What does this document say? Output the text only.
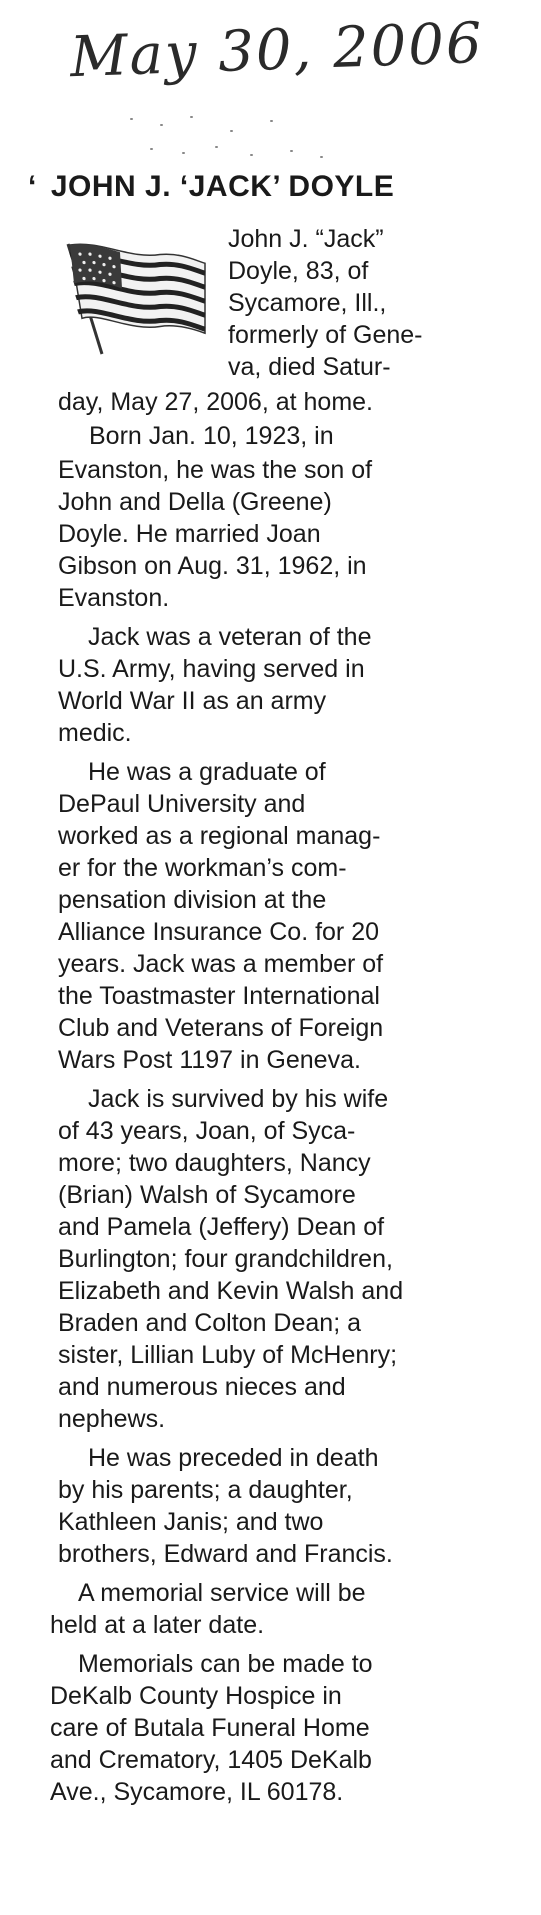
May 30, 2006
‘ JOHN J. ‘JACK’ DOYLE
John J. “Jack”
Doyle, 83, of
Sycamore, Ill.,
formerly of Gene-
va, died Satur-
day, May 27, 2006, at home.
Born Jan. 10, 1923, in
Evanston, he was the son of
John and Della (Greene)
Doyle. He married Joan
Gibson on Aug. 31, 1962, in
Evanston.
Jack was a veteran of the
U.S. Army, having served in
World War II as an army
medic.
He was a graduate of
DePaul University and
worked as a regional manag-
er for the workman’s com-
pensation division at the
Alliance Insurance Co. for 20
years. Jack was a member of
the Toastmaster International
Club and Veterans of Foreign
Wars Post 1197 in Geneva.
Jack is survived by his wife
of 43 years, Joan, of Syca-
more; two daughters, Nancy
(Brian) Walsh of Sycamore
and Pamela (Jeffery) Dean of
Burlington; four grandchildren,
Elizabeth and Kevin Walsh and
Braden and Colton Dean; a
sister, Lillian Luby of McHenry;
and numerous nieces and
nephews.
He was preceded in death
by his parents; a daughter,
Kathleen Janis; and two
brothers, Edward and Francis.
A memorial service will be
held at a later date.
Memorials can be made to
DeKalb County Hospice in
care of Butala Funeral Home
and Crematory, 1405 DeKalb
Ave., Sycamore, IL 60178.
